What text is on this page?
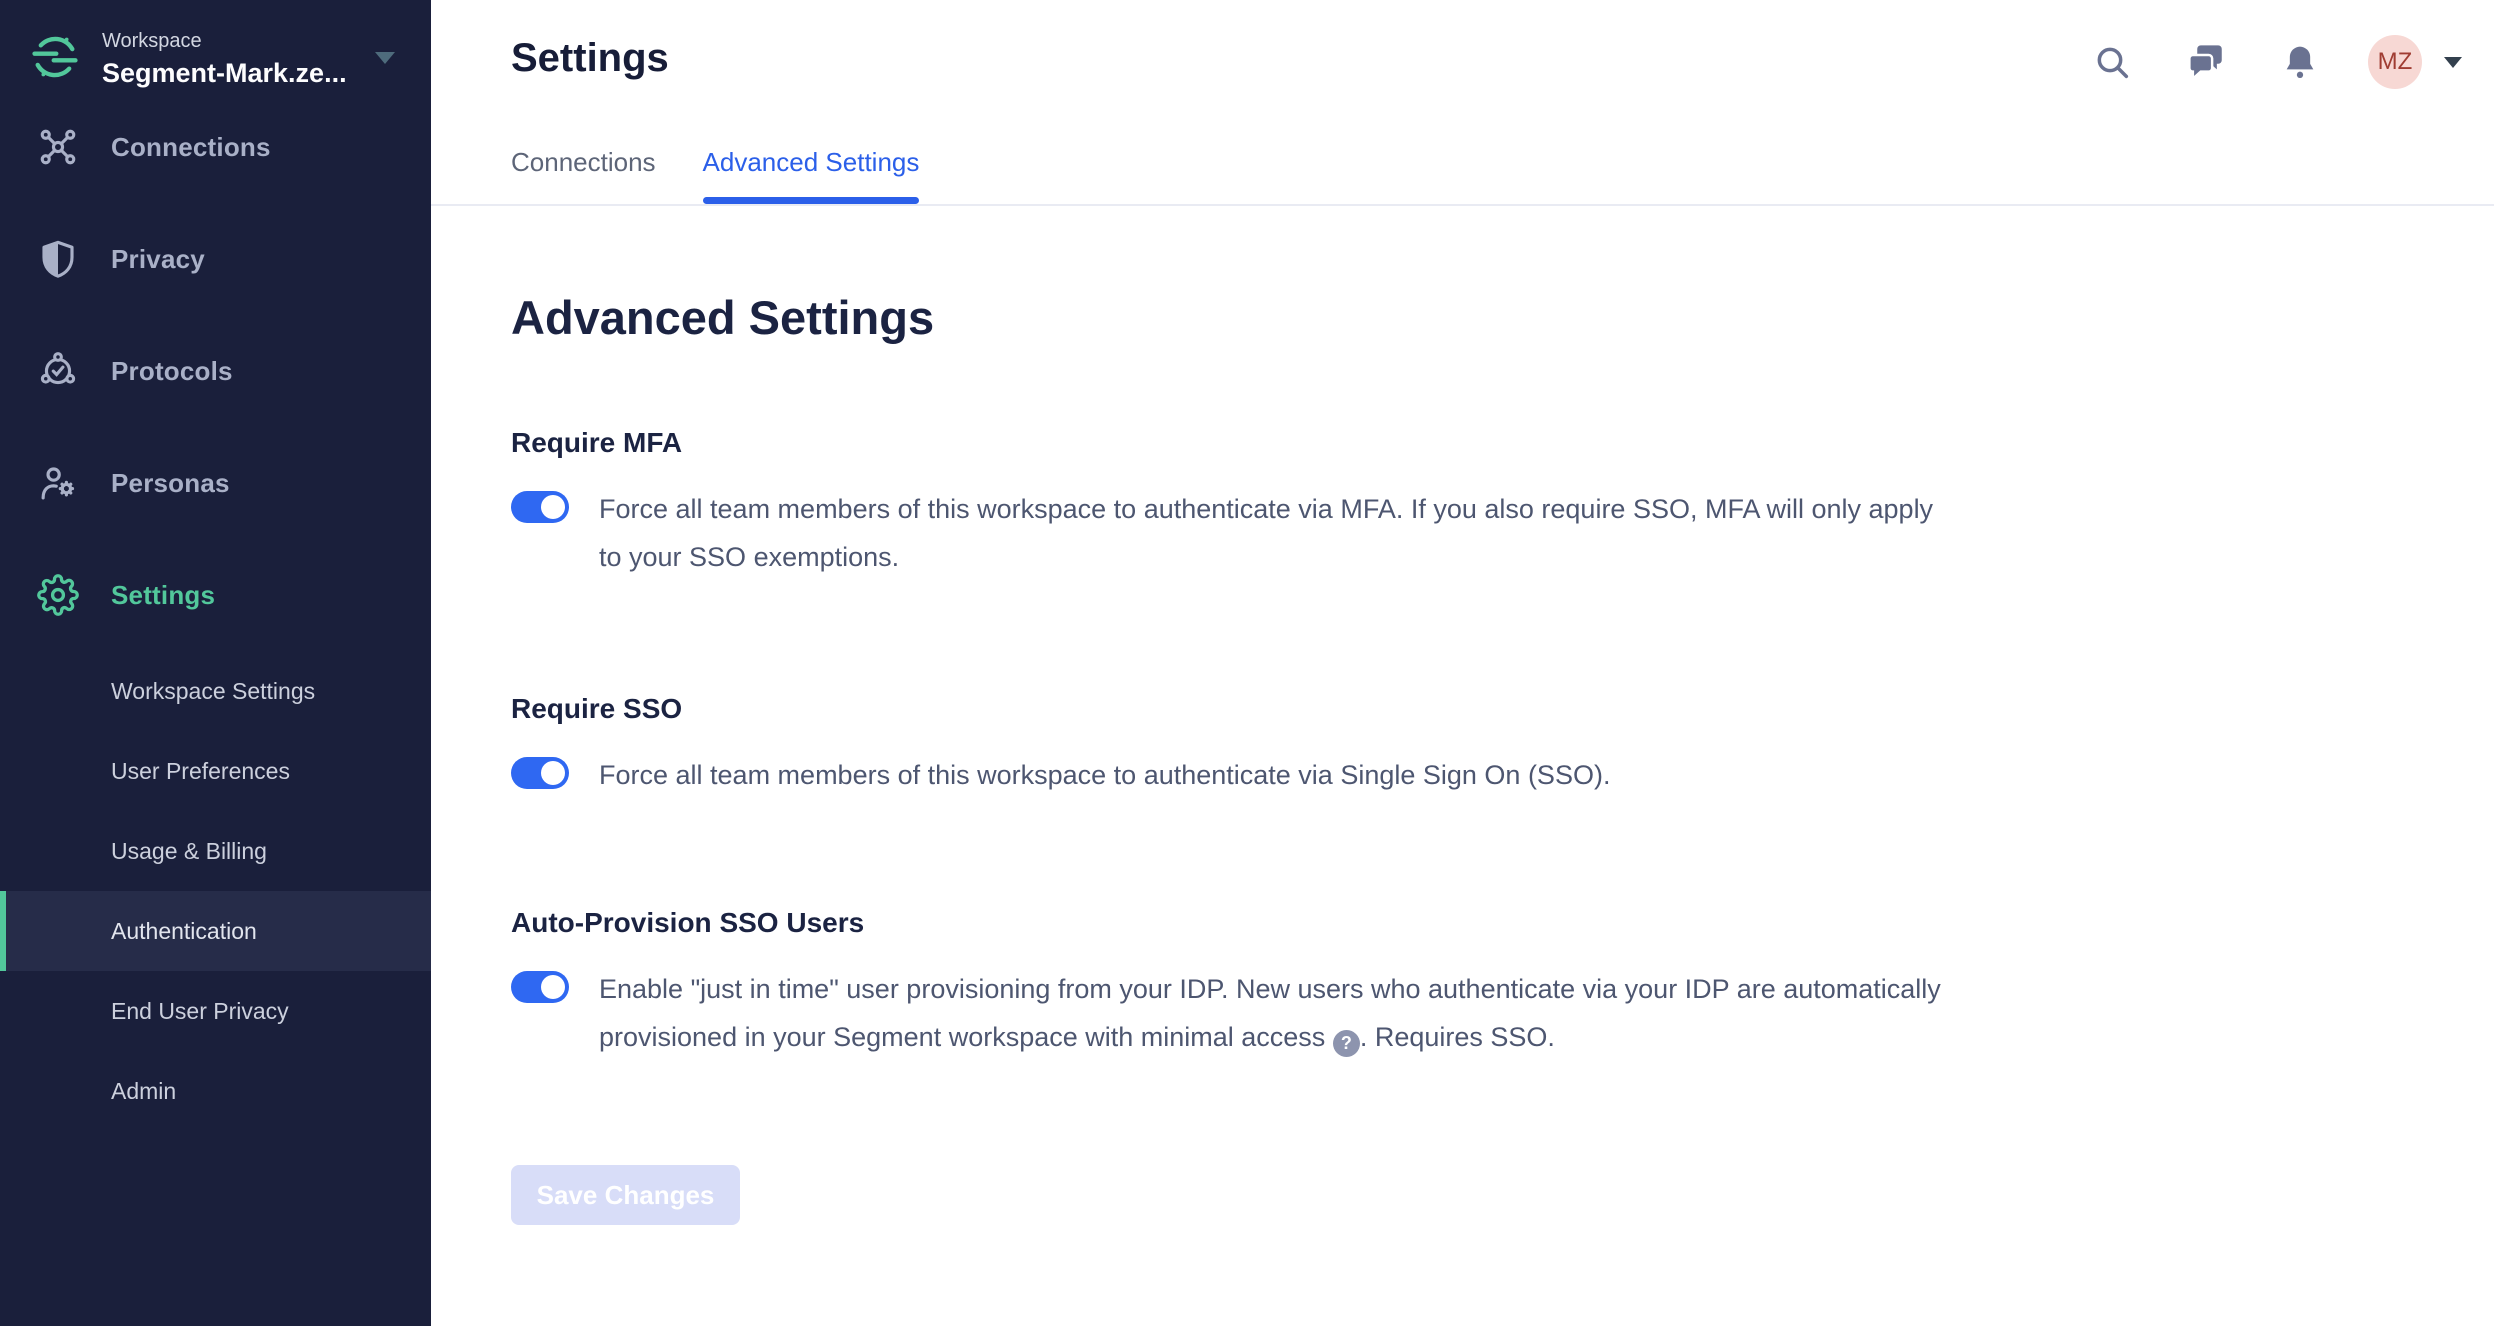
Workspace
Segment-Mark.ze...
Connections
Privacy
Protocols
Personas
Settings
Workspace Settings
User Preferences
Usage & Billing
Authentication
End User Privacy
Admin
Settings	MZ
Connections Advanced Settings
Advanced Settings
Require MFA
Force all team members of this workspace to authenticate via MFA. If you also require SSO, MFA will only apply to your SSO exemptions.
Require SSO
Force all team members of this workspace to authenticate via Single Sign On (SSO).
Auto-Provision SSO Users
Enable "just in time" user provisioning from your IDP. New users who authenticate via your IDP are automatically provisioned in your Segment workspace with minimal access ? . Requires SSO.
Save Changes
